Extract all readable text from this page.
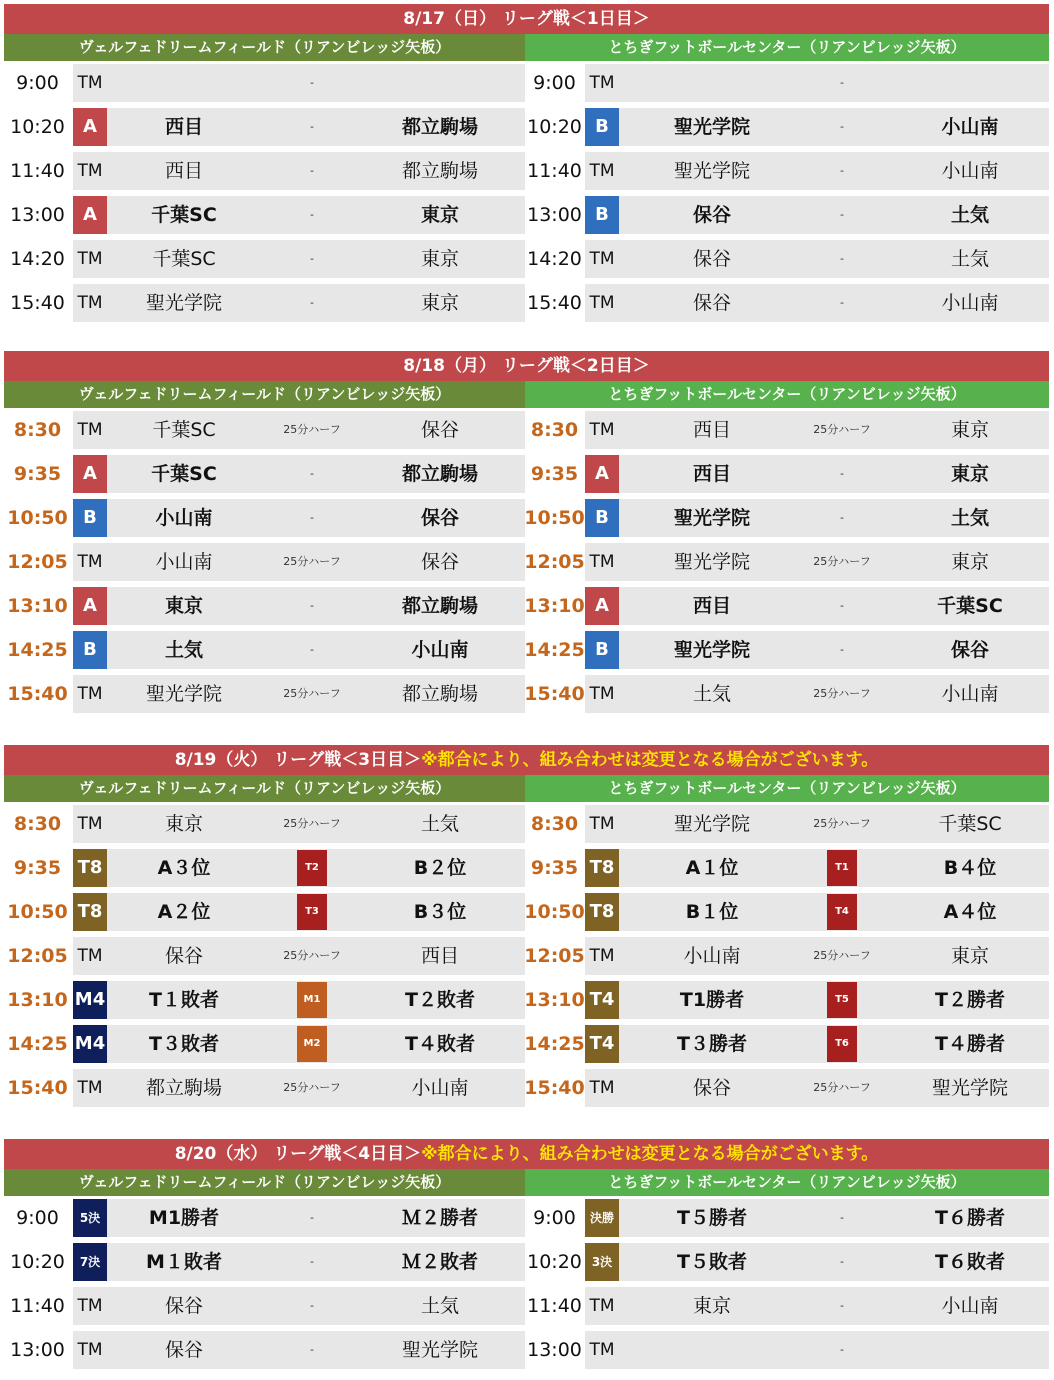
8/17（日） リーグ戦＜1日目＞
ヴェルフェドリームフィールド（リアンビレッジ矢板）
9:00	TM	-
10:20	A	西目	-	都立駒場
11:40 TM	西目	-	都立駒場
13:00	A	千葉SC	-	東京
14:20 TM	千葉SC	-	東京
15:40 TM	聖光学院	-	東京
とちぎフットボールセンター（リアンビレッジ矢板）
9:00 TM	-
10:20 B	聖光学院	-	小山南
11:40 TM	聖光学院	-	小山南
13:00 B	保谷	-	土気
14:20 TM	保谷	-	土気
15:40 TM	保谷	-	小山南
8/18（月） リーグ戦＜2日目＞
ヴェルフェドリームフィールド（リアンビレッジ矢板）
8:30 TM	千葉SC	25分ハーフ	保谷
9:35	A	千葉SC	-	都立駒場
10:50 B	小山南	-	保谷
12:05 TM	小山南	25分ハーフ	保谷
13:10 A	東京	-	都立駒場
14:25 B	土気	-	小山南
15:40 TM	聖光学院	25分ハーフ	都立駒場
とちぎフットボールセンター（リアンビレッジ矢板）
8:30 TM	西目	25分ハーフ	東京
9:35 A	西目	-	東京
10:50 B	聖光学院	-	土気
12:05 TM	聖光学院	25分ハーフ	東京
13:10 A	西目	-	千葉SC
14:25 B	聖光学院	-	保谷
15:40 TM	土気	25分ハーフ	小山南
8/19（火） リーグ戦＜3日目＞※都合により、組み合わせは変更となる場合がございます。
ヴェルフェドリームフィールド（リアンビレッジ矢板）
8:30 TM	東京	25分ハーフ	土気
9:35 T8	A３位	T2	B２位
10:50 T8	A２位	T3	B３位
12:05 TM	保谷	25分ハーフ	西目
13:10 M4	T１敗者	M1	T２敗者
14:25 M4	T３敗者	M2	T４敗者
15:40 TM	都立駒場	25分ハーフ	小山南
とちぎフットボールセンター（リアンビレッジ矢板）
8:30 TM	聖光学院	25分ハーフ	千葉SC
9:35 T8	A１位	T1	B４位
10:50 T8	B１位	T4	A４位
12:05 TM	小山南	25分ハーフ	東京
13:10 T4	T1勝者	T5	T２勝者
14:25 T4	T３勝者	T6	T４勝者
15:40 TM	保谷	25分ハーフ	聖光学院
8/20（水） リーグ戦＜4日目＞※都合により、組み合わせは変更となる場合がございます。
ヴェルフェドリームフィールド（リアンビレッジ矢板）
9:00	5決	M1勝者	-	Ｍ２勝者
10:20	7決	M１敗者	-	Ｍ２敗者
11:40 TM	保谷	-	土気
13:00 TM	保谷	-	聖光学院
とちぎフットボールセンター（リアンビレッジ矢板）
9:00	決勝	T５勝者	-	T６勝者
10:20 3決	T５敗者	-	T６敗者
11:40 TM	東京	-	小山南
13:00 TM	-
